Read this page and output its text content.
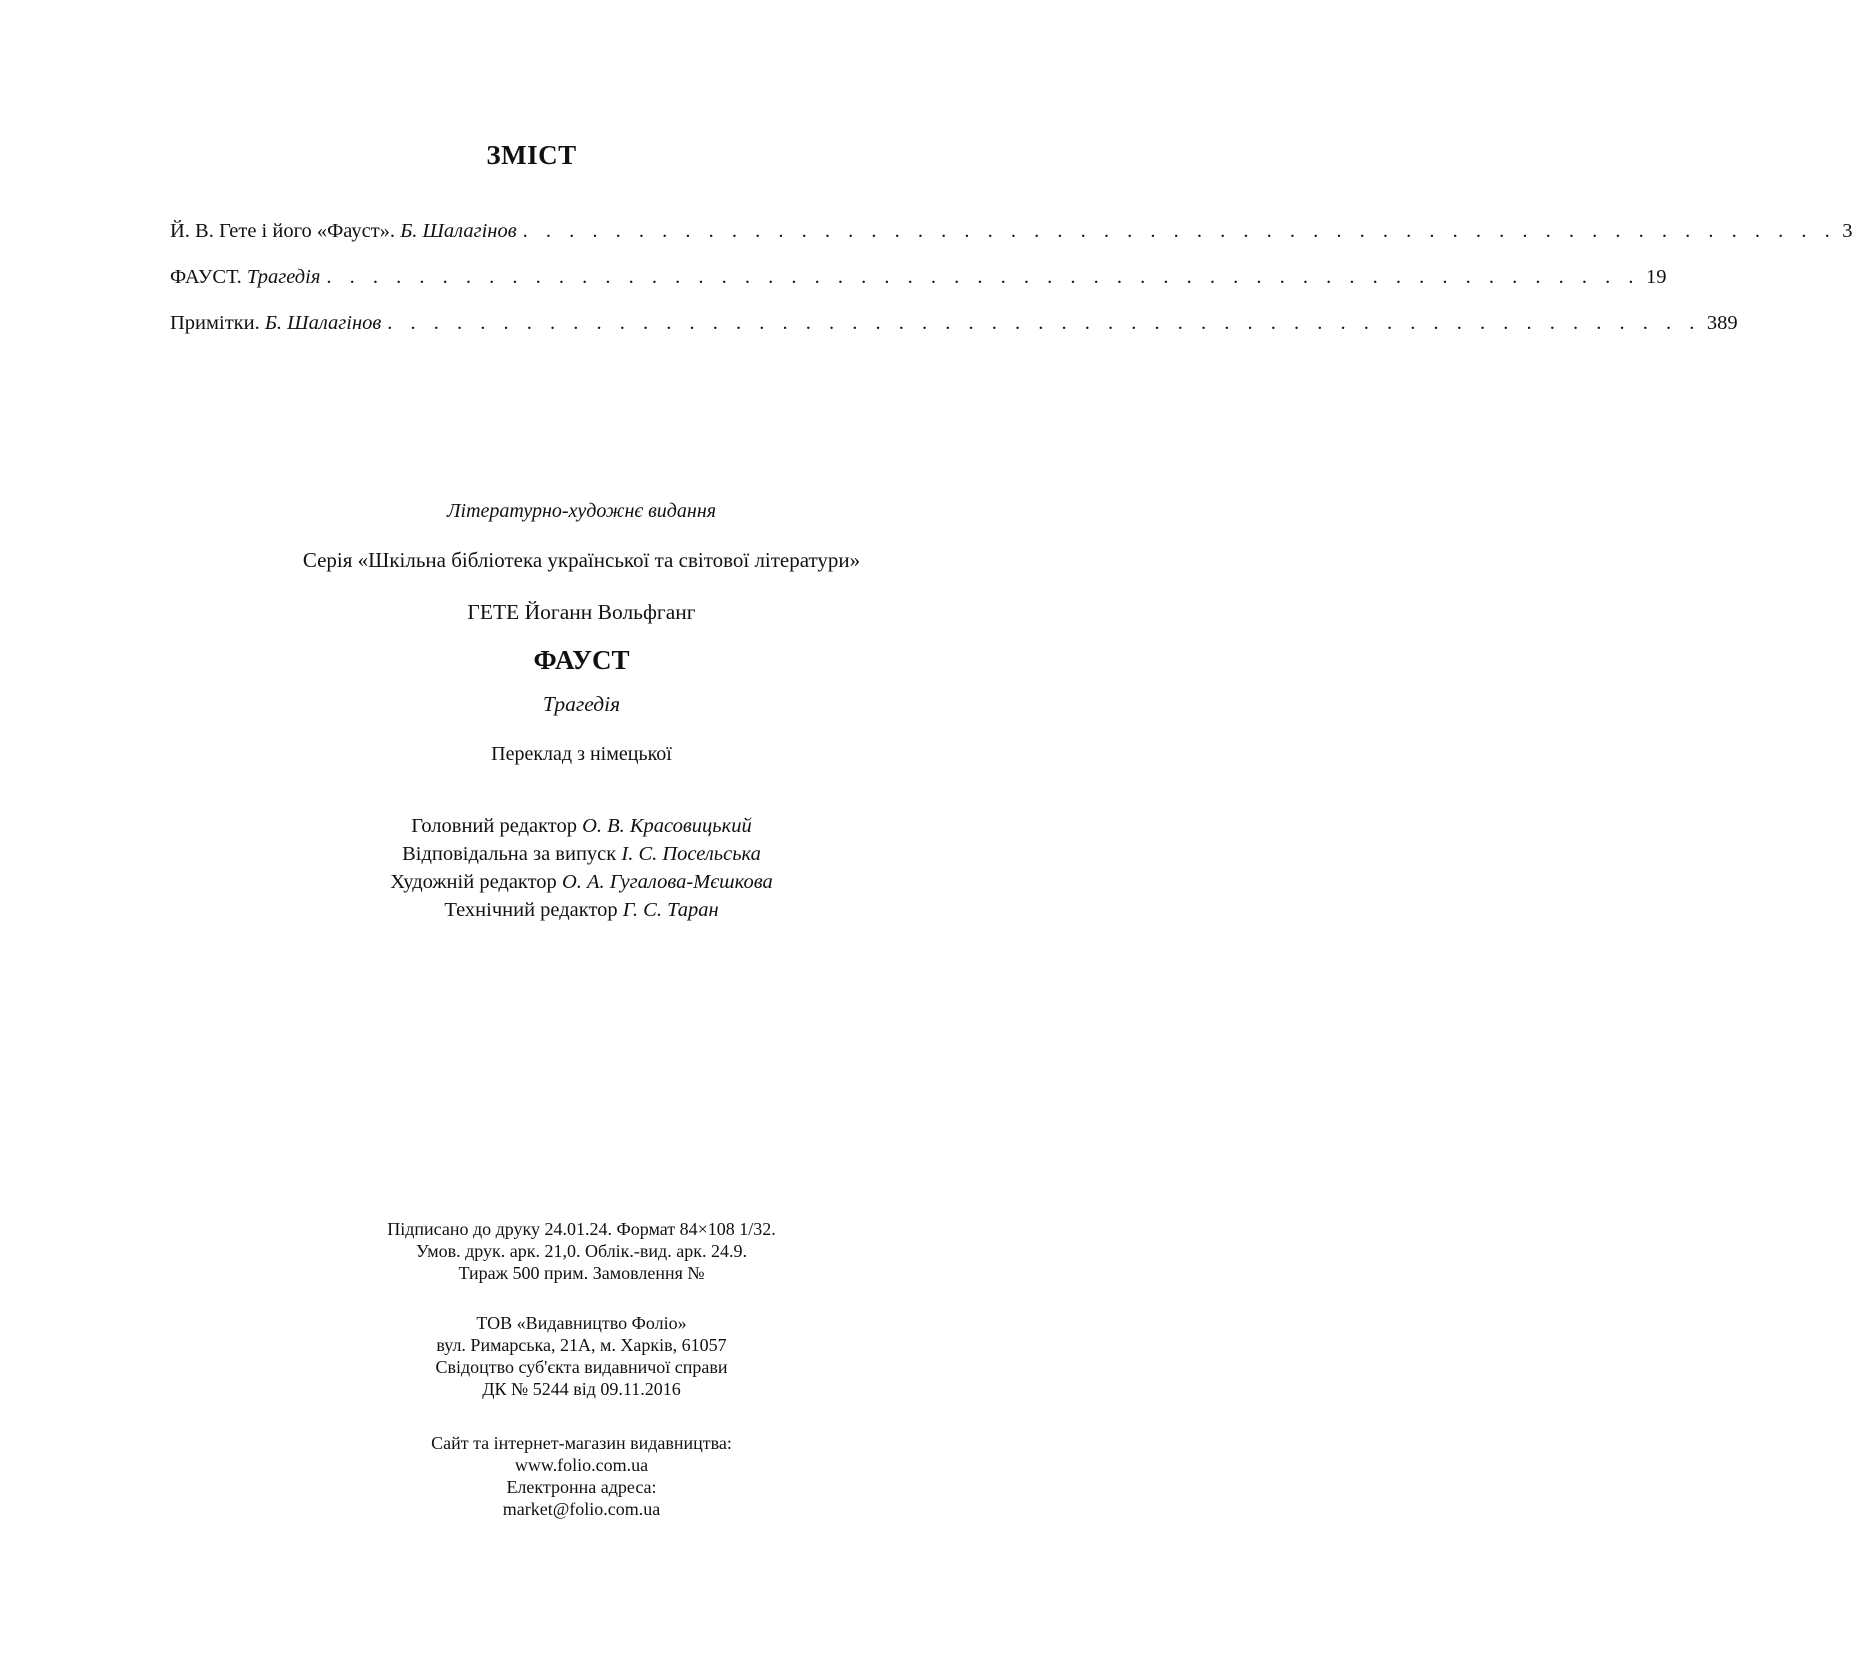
ЗМІСТ
Й. В. Гете і його «Фауст». Б. Шалагінов . . . . . . . . . . . . . . . . . . . . . . . . . . . . . . . . . . . . . . . . . . . . . . . . . . . . . . . . . 3
ФАУСТ. Трагедія . . . . . . . . . . . . . . . . . . . . . . . . . . . . . . . . . . . . . . . . . . . . . . . . . . . . . . . . . 19
Примітки. Б. Шалагінов . . . . . . . . . . . . . . . . . . . . . . . . . . . . . . . . . . . . . . . . . . . . . . . . . . . . . . . . . 389
Літературно-художнє видання
Серія «Шкільна бібліотека української та світової літератури»
ГЕТЕ Йоганн Вольфганг
ФАУСТ
Трагедія
Переклад з німецької
Головний редактор О. В. Красовицький
Відповідальна за випуск І. С. Посельська
Художній редактор О. А. Гугалова-Мєшкова
Технічний редактор Г. С. Таран
Підписано до друку 24.01.24. Формат 84×108 1/32.
Умов. друк. арк. 21,0. Облік.-вид. арк. 24.9.
Тираж 500 прим. Замовлення №
ТОВ «Видавництво Фоліо»
вул. Римарська, 21А, м. Харків, 61057
Свідоцтво суб'єкта видавничої справи
ДК № 5244 від 09.11.2016
Сайт та інтернет-магазин видавництва:
www.folio.com.ua
Електронна адреса:
market@folio.com.ua
